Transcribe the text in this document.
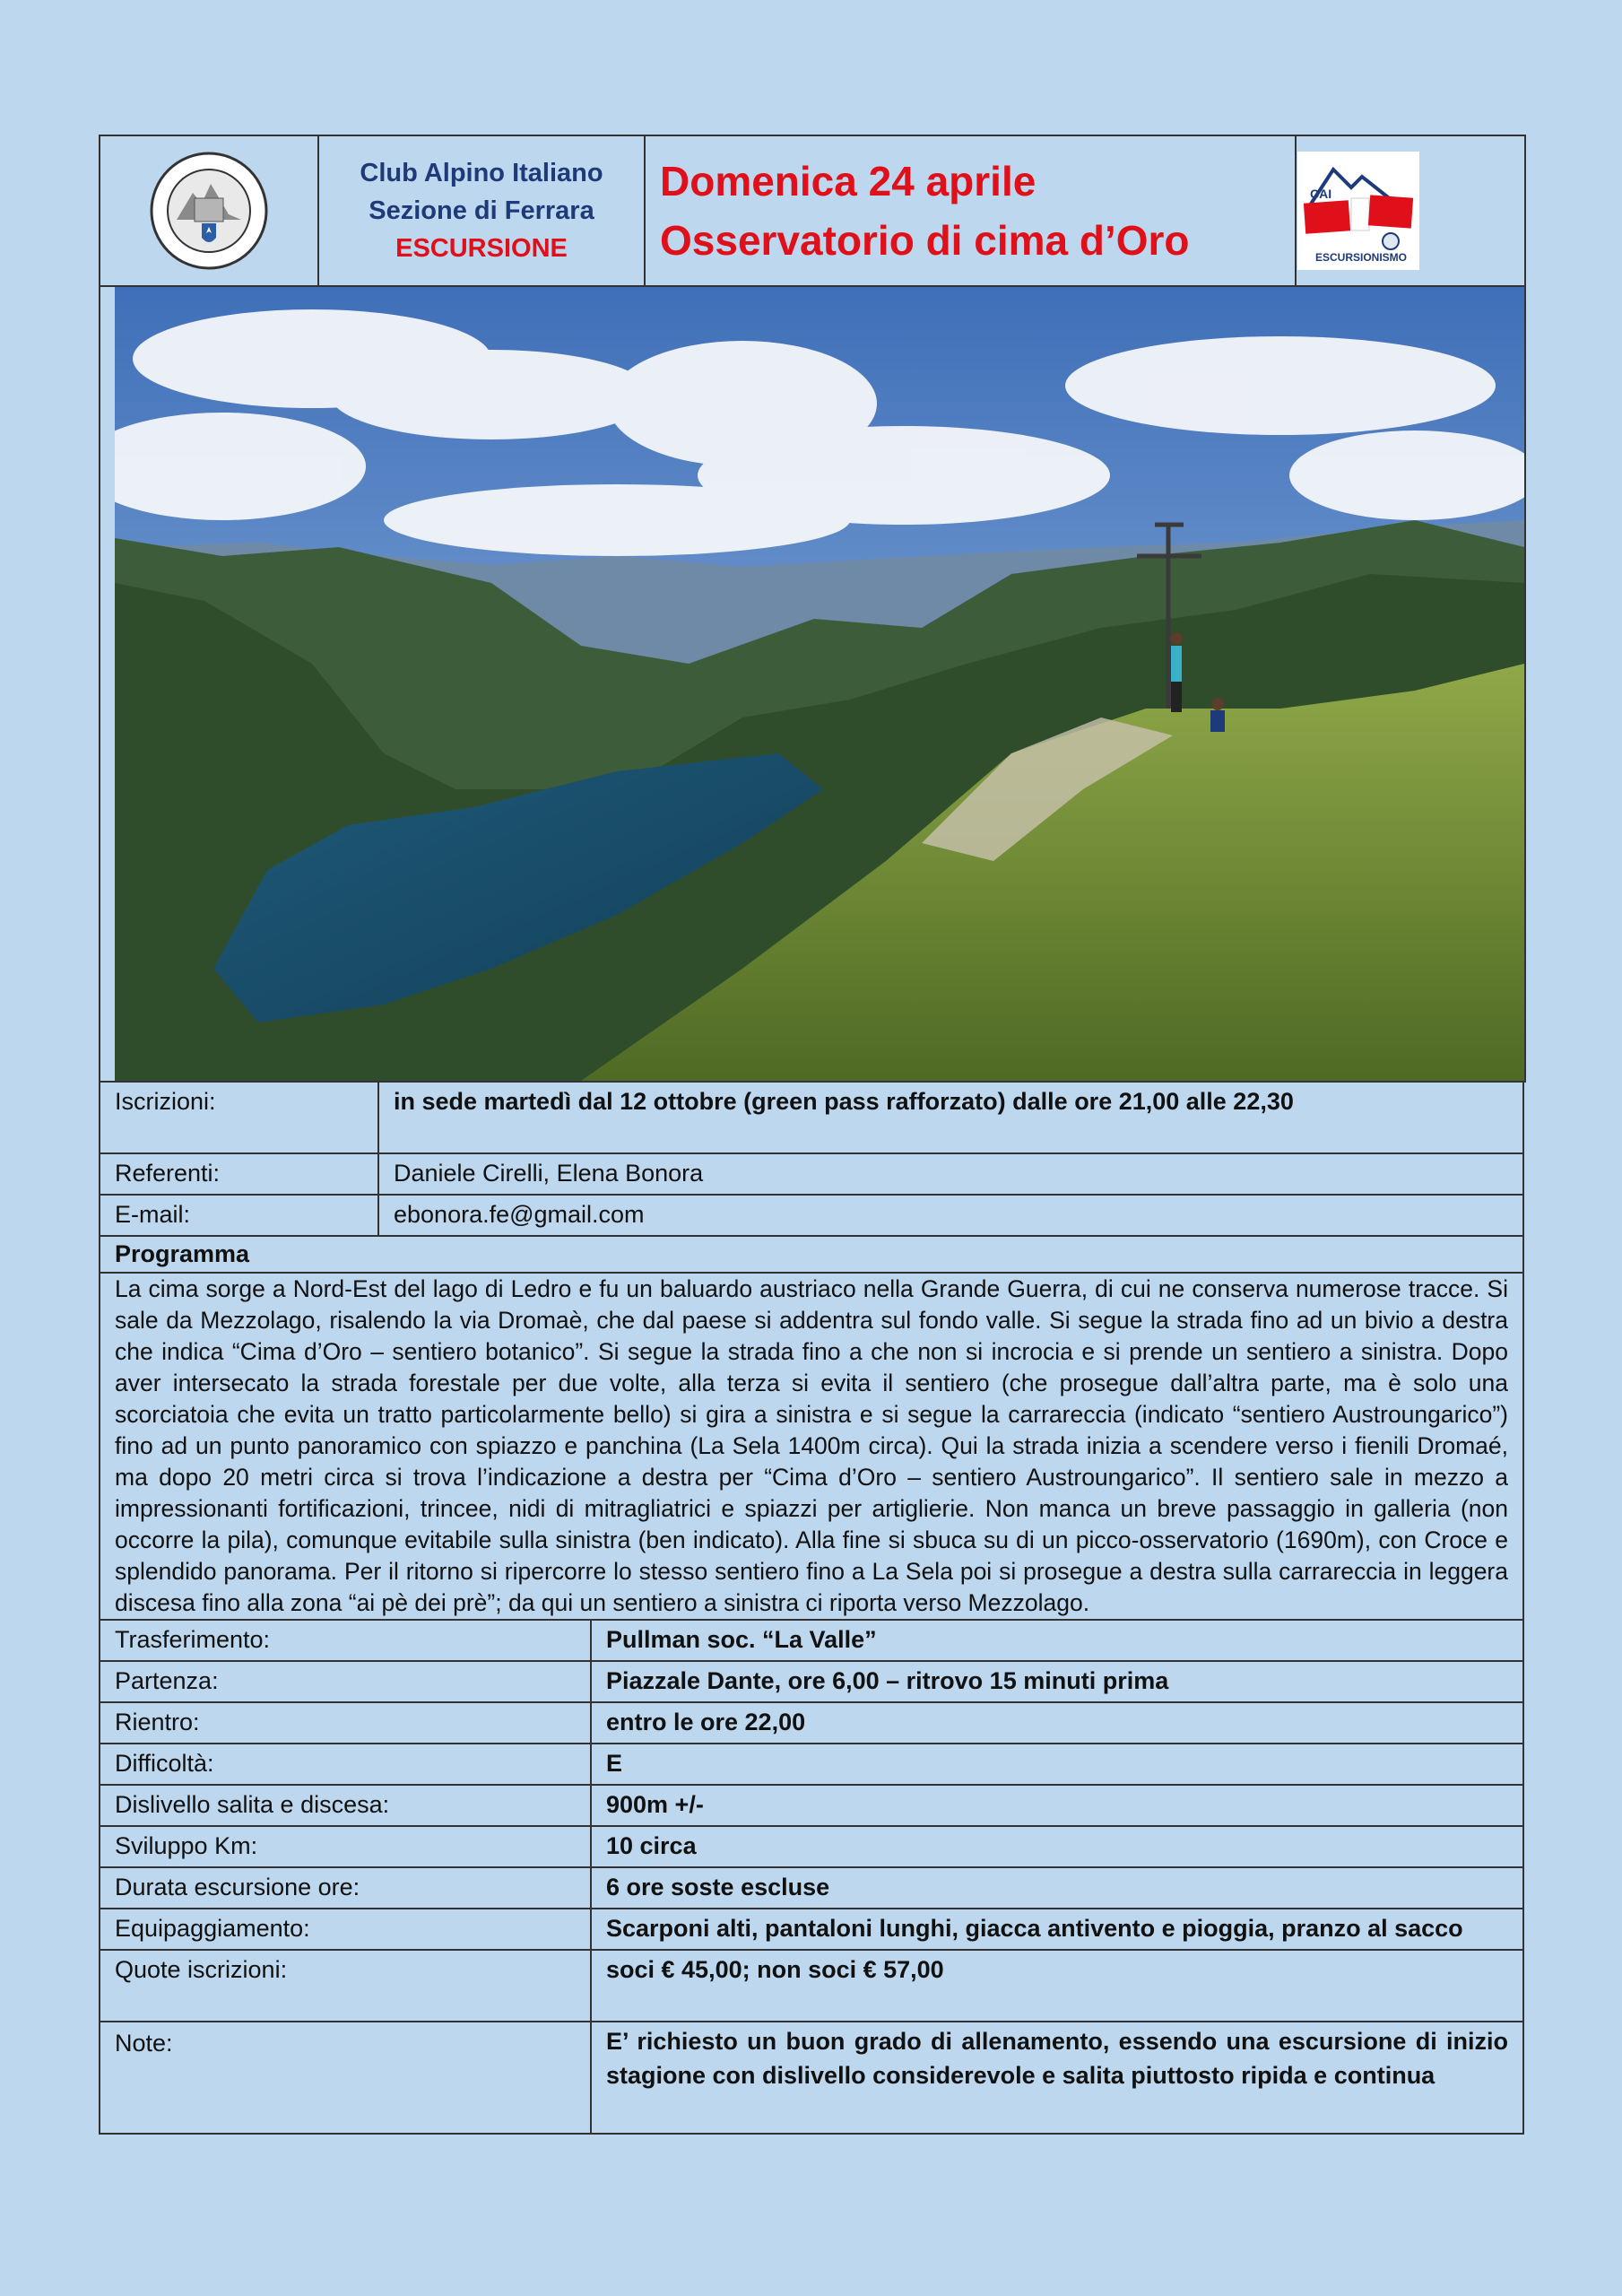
Club Alpino Italiano
Sezione di Ferrara
ESCURSIONE

Domenica 24 aprile
Osservatorio di cima d’Oro

CAI
ESCURSIONISMO

Iscrizioni:	in sede martedì dal 12 ottobre (green pass rafforzato) dalle ore 21,00 alle 22,30
Referenti:	Daniele Cirelli, Elena Bonora
E-mail:	ebonora.fe@gmail.com
Programma
La cima sorge a Nord-Est del lago di Ledro e fu un baluardo austriaco nella Grande Guerra, di cui ne conserva numerose tracce. Si sale da Mezzolago, risalendo la via Dromaè, che dal paese si addentra sul fondo valle. Si segue la strada fino ad un bivio a destra che indica “Cima d’Oro – sentiero botanico”. Si segue la strada fino a che non si incrocia e si prende un sentiero a sinistra. Dopo aver intersecato la strada forestale per due volte, alla terza si evita il sentiero (che prosegue dall’altra parte, ma è solo una scorciatoia che evita un tratto particolarmente bello) si gira a sinistra e si segue la carrareccia (indicato “sentiero Austroungarico”) fino ad un punto panoramico con spiazzo e panchina (La Sela 1400m circa). Qui la strada inizia a scendere verso i fienili Dromaé, ma dopo 20 metri circa si trova l’indicazione a destra per “Cima d’Oro – sentiero Austroungarico”. Il sentiero sale in mezzo a impressionanti fortificazioni, trincee, nidi di mitragliatrici e spiazzi per artiglierie. Non manca un breve passaggio in galleria (non occorre la pila), comunque evitabile sulla sinistra (ben indicato). Alla fine si sbuca su di un picco-osservatorio (1690m), con Croce e splendido panorama. Per il ritorno si ripercorre lo stesso sentiero fino a La Sela poi si prosegue a destra sulla carrareccia in leggera discesa fino alla zona “ai pè dei prè”; da qui un sentiero a sinistra ci riporta verso Mezzolago.
Trasferimento:	Pullman soc. “La Valle”
Partenza:	Piazzale Dante, ore 6,00 – ritrovo 15 minuti prima
Rientro:	entro le ore 22,00
Difficoltà:	E
Dislivello salita e discesa:	900m +/-
Sviluppo Km:	10 circa
Durata escursione ore:	6 ore soste escluse
Equipaggiamento:	Scarponi alti, pantaloni lunghi, giacca antivento e pioggia, pranzo al sacco
Quote iscrizioni:	soci € 45,00; non soci € 57,00
Note:	E’ richiesto un buon grado di allenamento, essendo una escursione di inizio stagione con dislivello considerevole e salita piuttosto ripida e continua
